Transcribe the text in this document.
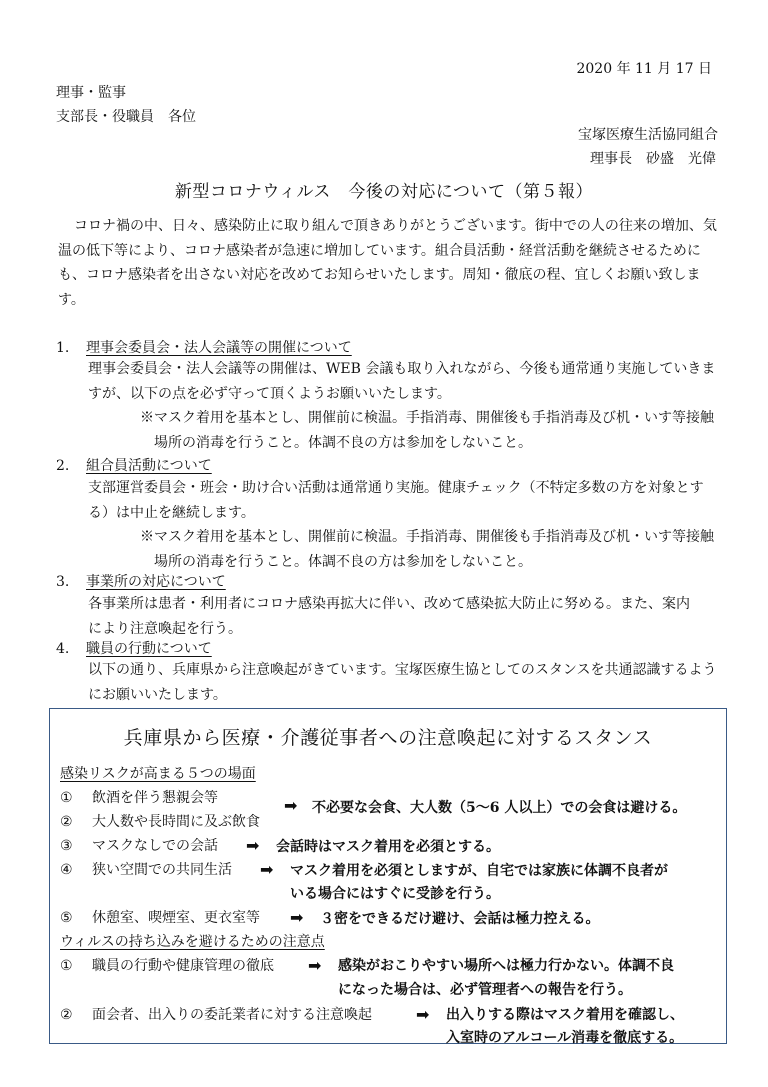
2020 年 11 月 17 日
理事・監事
支部長・役職員　各位
宝塚医療生活協同組合
理事長　砂盛　光偉
新型コロナウィルス　今後の対応について（第５報）
コロナ禍の中、日々、感染防止に取り組んで頂きありがとうございます。街中での人の往来の増加、気温の低下等により、コロナ感染者が急速に増加しています。組合員活動・経営活動を継続させるためにも、コロナ感染者を出さない対応を改めてお知らせいたします。周知・徹底の程、宜しくお願い致します。
1. 理事会委員会・法人会議等の開催について
理事会委員会・法人会議等の開催は、WEB 会議も取り入れながら、今後も通常通り実施していきますが、以下の点を必ず守って頂くようお願いいたします。
※マスク着用を基本とし、開催前に検温。手指消毒、開催後も手指消毒及び机・いす等接触場所の消毒を行うこと。体調不良の方は参加をしないこと。
2. 組合員活動について
支部運営委員会・班会・助け合い活動は通常通り実施。健康チェック（不特定多数の方を対象とする）は中止を継続します。
※マスク着用を基本とし、開催前に検温。手指消毒、開催後も手指消毒及び机・いす等接触場所の消毒を行うこと。体調不良の方は参加をしないこと。
3. 事業所の対応について
各事業所は患者・利用者にコロナ感染再拡大に伴い、改めて感染拡大防止に努める。また、案内により注意喚起を行う。
4. 職員の行動について
以下の通り、兵庫県から注意喚起がきています。宝塚医療生協としてのスタンスを共通認識するようにお願いいたします。
兵庫県から医療・介護従事者への注意喚起に対するスタンス
感染リスクが高まる５つの場面
① 飲酒を伴う懇親会等
② 大人数や長時間に及ぶ飲食
③ マスクなしでの会話
④ 狭い空間での共同生活
⑤ 休憩室、喫煙室、更衣室等
➡ 不必要な会食、大人数（5～6 人以上）での会食は避ける。
➡ 会話時はマスク着用を必須とする。
➡ マスク着用を必須としますが、自宅では家族に体調不良者が
いる場合にはすぐに受診を行う。
➡ ３密をできるだけ避け、会話は極力控える。
ウィルスの持ち込みを避けるための注意点
① 職員の行動や健康管理の徹底 ➡ 感染がおこりやすい場所へは極力行かない。体調不良
になった場合は、必ず管理者への報告を行う。
② 面会者、出入りの委託業者に対する注意喚起	➡ 出入りする際はマスク着用を確認し、
入室時のアルコール消毒を徹底する。
